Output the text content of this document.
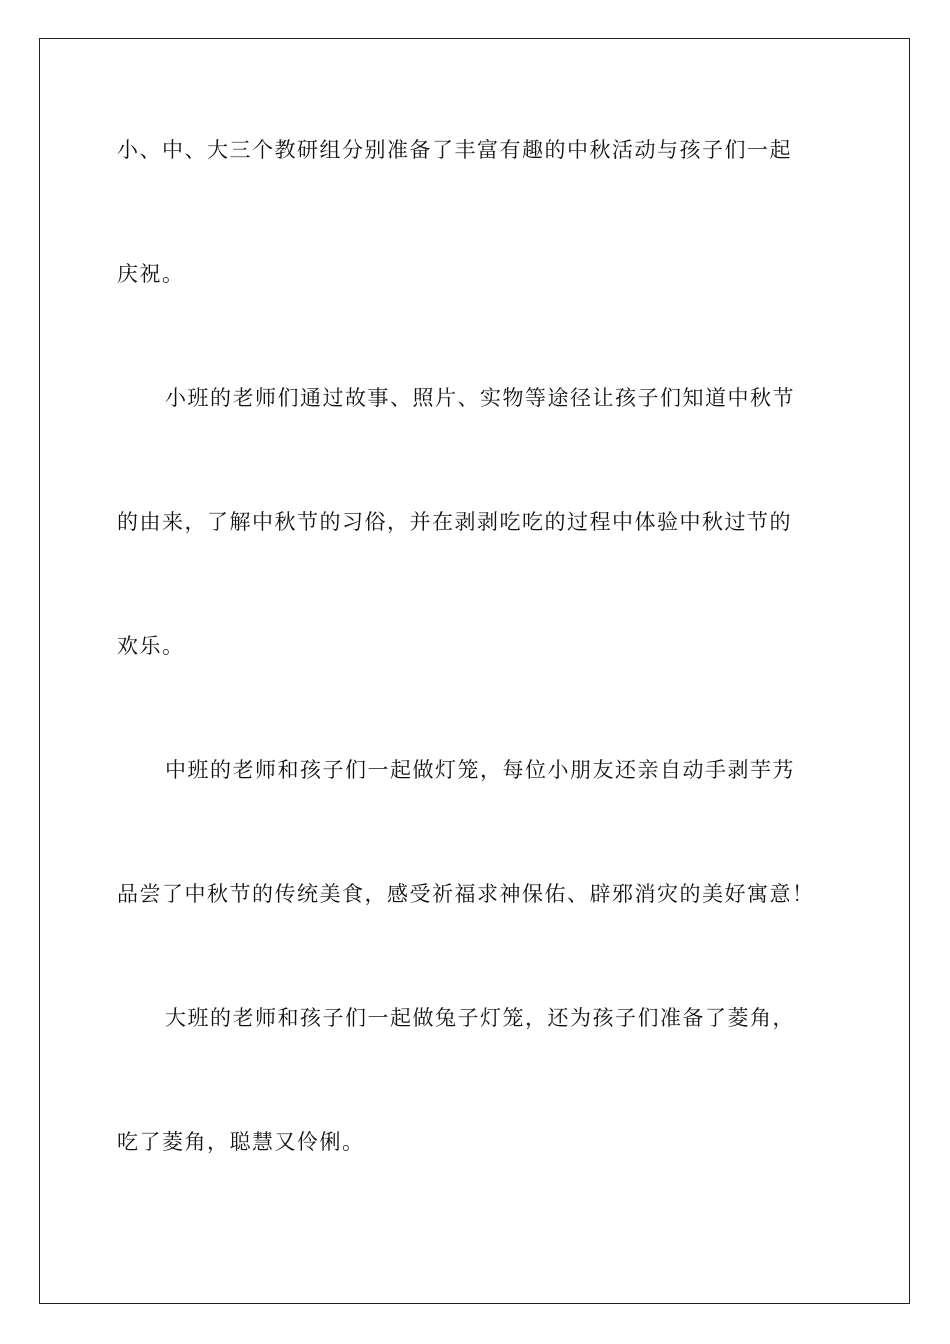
小、中、大三个教研组分别准备了丰富有趣的中秋活动与孩子们一起

庆祝。

小班的老师们通过故事、照片、实物等途径让孩子们知道中秋节

的由来，了解中秋节的习俗，并在剥剥吃吃的过程中体验中秋过节的

欢乐。

中班的老师和孩子们一起做灯笼，每位小朋友还亲自动手剥芋艿

品尝了中秋节的传统美食，感受祈福求神保佑、辟邪消灾的美好寓意！

大班的老师和孩子们一起做兔子灯笼，还为孩子们准备了菱角，

吃了菱角，聪慧又伶俐。
